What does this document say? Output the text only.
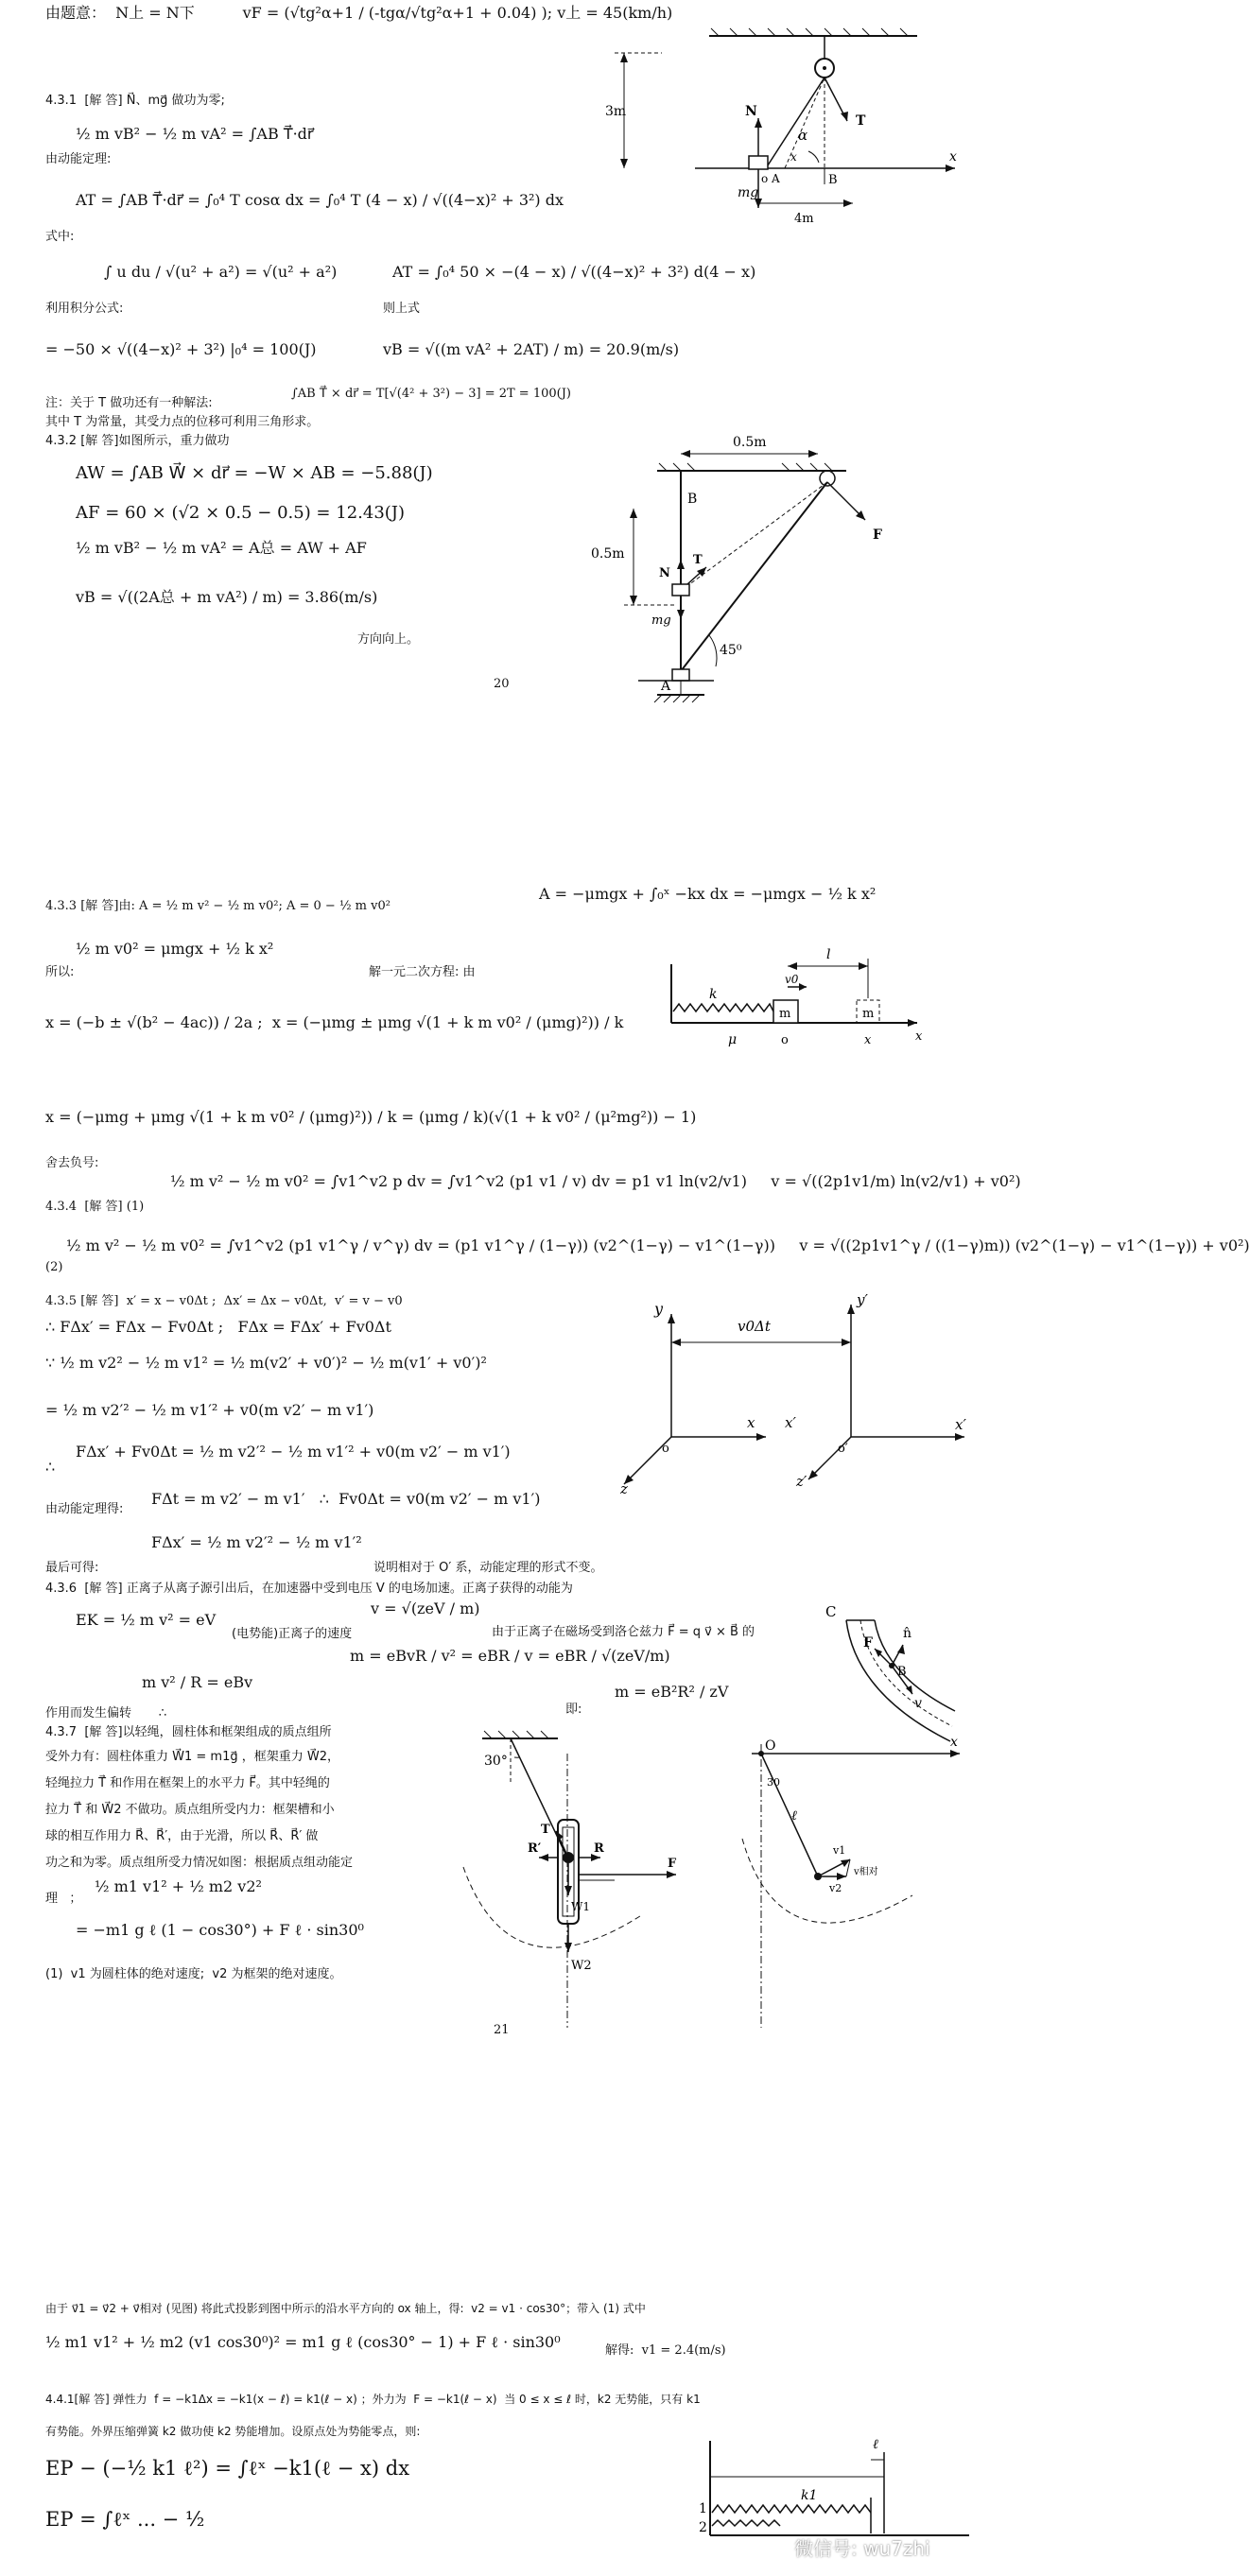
由题意：  N上 = N下          vF = (√tg²α+1 / (-tgα/√tg²α+1 + 0.04) ); v上 = 45(km/h)
4.3.1  [解 答] N⃗、mg⃗ 做功为零;
½ m vB² − ½ m vA² = ∫AB T⃗·dr⃗
由动能定理:
AT = ∫AB T⃗·dr⃗ = ∫₀⁴ T cosα dx = ∫₀⁴ T (4 − x) / √((4−x)² + 3²) dx
式中:
∫ u du / √(u² + a²) = √(u² + a²)	AT = ∫₀⁴ 50 × −(4 − x) / √((4−x)² + 3²) d(4 − x)
利用积分公式:	则上式
= −50 × √((4−x)² + 3²) |₀⁴ = 100(J)	vB = √((m vA² + 2AT) / m) = 20.9(m/s)
注：关于 T 做功还有一种解法:
∫AB T⃗ × dr⃗ = T[√(4² + 3²) − 3] = 2T = 100(J)
其中 T 为常量，其受力点的位移可利用三角形求。
4.3.2 [解 答]如图所示，重力做功
AW = ∫AB W⃗ × dr⃗ = −W × AB = −5.88(J)
AF = 60 × (√2 × 0.5 − 0.5) = 12.43(J)
½ m vB² − ½ m vA² = A总 = AW + AF
vB = √((2A总 + m vA²) / m) = 3.86(m/s)
方向向上。
20
3m	N
T
mg
o A
x
B
x
α
4m
0.5m
0.5m
B
T
N
mg
A
F
45⁰
4.3.3 [解 答]由: A = ½ m v² − ½ m v0²; A = 0 − ½ m v0²
A = −μmgx + ∫₀ˣ −kx dx = −μmgx − ½ k x²
½ m v0² = μmgx + ½ k x²
所以:	解一元二次方程: 由
x = (−b ± √(b² − 4ac)) / 2a ;  x = (−μmg ± μmg √(1 + k m v0² / (μmg)²)) / k
x = (−μmg + μmg √(1 + k m v0² / (μmg)²)) / k = (μmg / k)(√(1 + k v0² / (μ²mg²)) − 1)
舍去负号:
½ m v² − ½ m v0² = ∫v1^v2 p dv = ∫v1^v2 (p1 v1 / v) dv = p1 v1 ln(v2/v1)     v = √((2p1v1/m) ln(v2/v1) + v0²)
4.3.4  [解 答] (1)
½ m v² − ½ m v0² = ∫v1^v2 (p1 v1^γ / v^γ) dv = (p1 v1^γ / (1−γ)) (v2^(1−γ) − v1^(1−γ))     v = √((2p1v1^γ / ((1−γ)m)) (v2^(1−γ) − v1^(1−γ)) + v0²)
(2)
4.3.5 [解 答]  x′ = x − v0Δt ;  Δx′ = Δx − v0Δt,  v′ = v − v0
∴ FΔx′ = FΔx − Fv0Δt ;   FΔx = FΔx′ + Fv0Δt
∵ ½ m v2² − ½ m v1² = ½ m(v2′ + v0′)² − ½ m(v1′ + v0′)²
= ½ m v2′² − ½ m v1′² + v0(m v2′ − m v1′)
FΔx′ + Fv0Δt = ½ m v2′² − ½ m v1′² + v0(m v2′ − m v1′)
∴
由动能定理得:
FΔt = m v2′ − m v1′   ∴  Fv0Δt = v0(m v2′ − m v1′)
FΔx′ = ½ m v2′² − ½ m v1′²
最后可得:	说明相对于 O′ 系，动能定理的形式不变。
4.3.6  [解 答] 正离子从离子源引出后，在加速器中受到电压 V 的电场加速。正离子获得的动能为
EK = ½ m v² = eV
(电势能)正离子的速度
v = √(zeV / m)
由于正离子在磁场受到洛仑兹力 F⃗ = q v⃗ × B⃗ 的
m v² / R = eBv
m = eBvR / v² = eBR / v = eBR / √(zeV/m)
即:
m = eB²R² / zV
作用而发生偏转       ∴
4.3.7  [解 答]以轻绳，圆柱体和框架组成的质点组所
受外力有：圆柱体重力 W⃗1 = m1g⃗ ，框架重力 W⃗2，
轻绳拉力 T⃗ 和作用在框架上的水平力 F⃗。其中轻绳的
拉力 T⃗ 和 W⃗2 不做功。质点组所受内力：框架槽和小
球的相互作用力 R⃗、R⃗′，由于光滑，所以 R⃗、R⃗′ 做
功之和为零。质点组所受力情况如图：根据质点组动能定
理   ；
½ m1 v1² + ½ m2 v2²
= −m1 g ℓ (1 − cos30°) + F ℓ · sin30⁰
(1)  v1 为圆柱体的绝对速度;  v2 为框架的绝对速度。
21
v0
l
k
m	m
μ	o	x	x
y	y′
v0Δt
o	o′
x x′	x′
z	z′
C
n̂
F
B
v
30°
T
R
R′
W1
W2
F
O	x
30
ℓ
v1
v2
v相对
由于 v⃗1 = v⃗2 + v⃗相对 (见图) 将此式投影到图中所示的沿水平方向的 ox 轴上，得:  v2 = v1 · cos30°；带入 (1) 式中
½ m1 v1² + ½ m2 (v1 cos30⁰)² = m1 g ℓ (cos30° − 1) + F ℓ · sin30⁰	解得:  v1 = 2.4(m/s)
4.4.1[解 答] 弹性力  f = −k1Δx = −k1(x − ℓ) = k1(ℓ − x) ；外力为  F = −k1(ℓ − x)  当 0 ≤ x ≤ ℓ 时，k2 无势能，只有 k1
有势能。外界压缩弹簧 k2 做功使 k2 势能增加。设原点处为势能零点，则:
EP − (−½ k1 ℓ²) = ∫ℓˣ −k1(ℓ − x) dx
EP = ∫ℓˣ ... − ½
k1
ℓ
1
2
微信号: wu7zhi
